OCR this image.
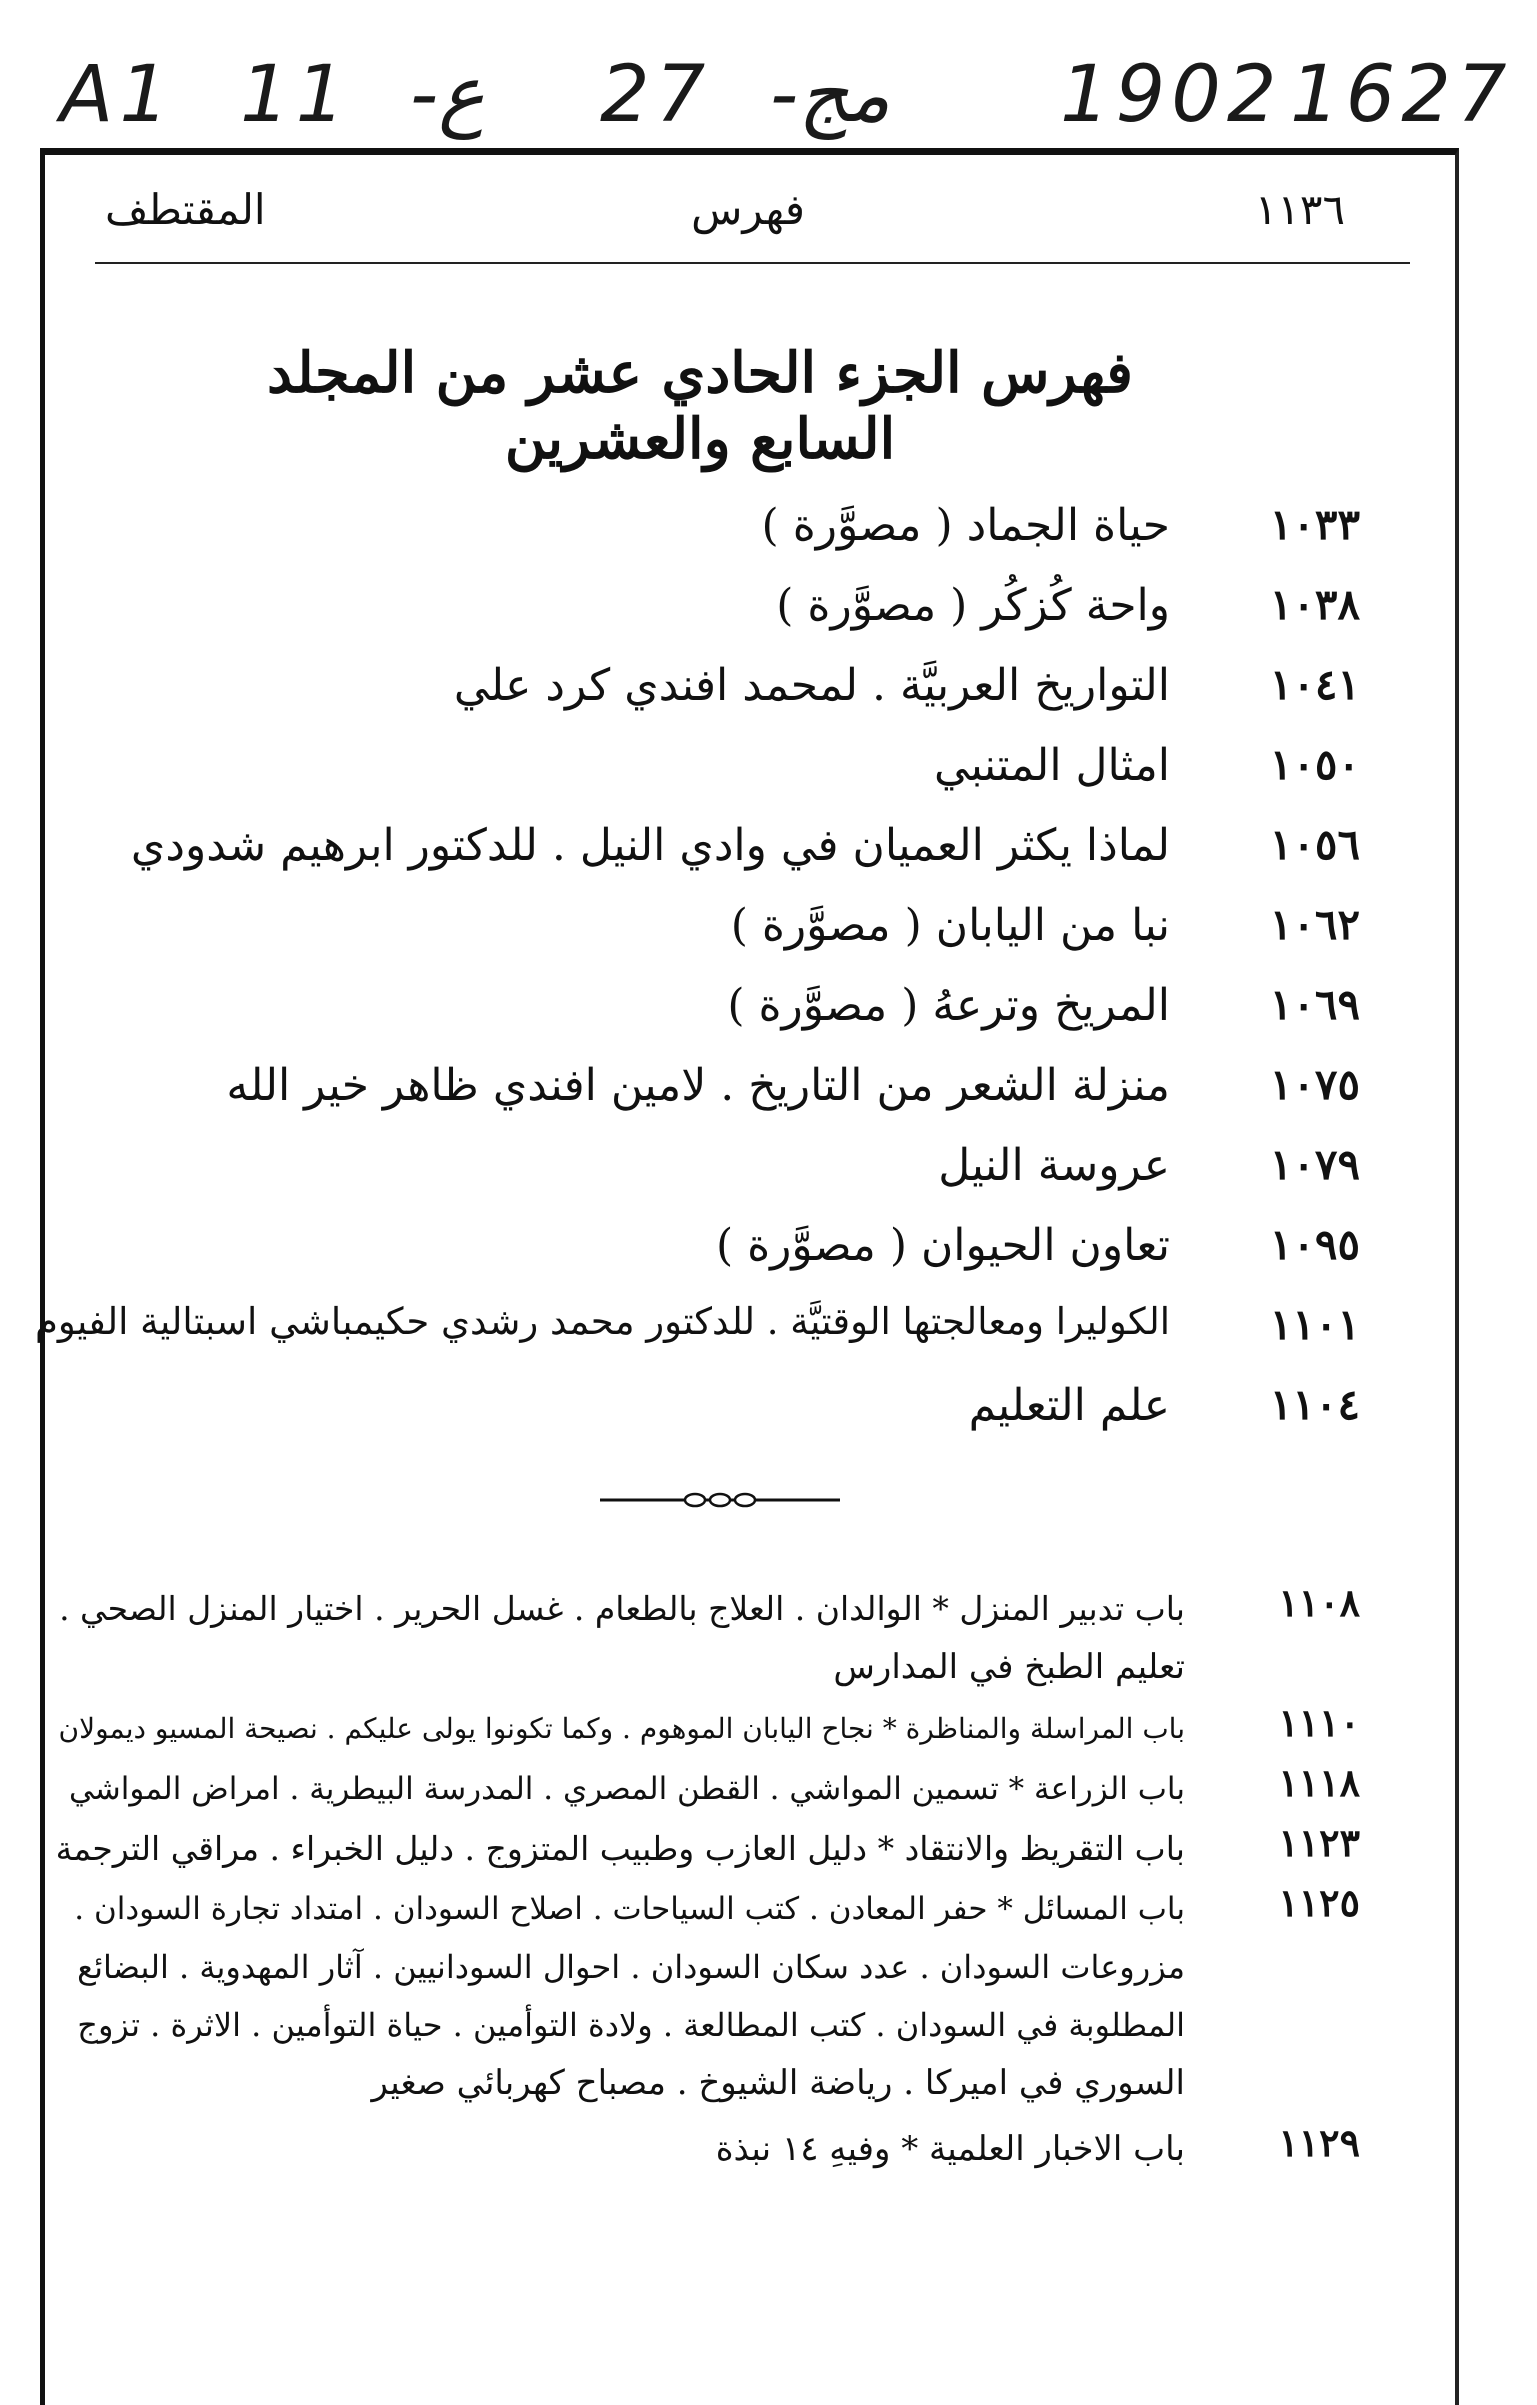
A1 11 -ع 27 -مج 1902 1627
١١٣٦
فهرس
المقتطف
فهرس الجزء الحادي عشر من المجلد السابع والعشرين
١٠٣٣
حياة الجماد ( مصوَّرة )
١٠٣٨
واحة كُزكُر ( مصوَّرة )
١٠٤١
التواريخ العربيَّة . لمحمد افندي كرد علي
١٠٥٠
امثال المتنبي
١٠٥٦
لماذا يكثر العميان في وادي النيل . للدكتور ابرهيم شدودي
١٠٦٢
نبا من اليابان ( مصوَّرة )
١٠٦٩
المريخ وترعهُ ( مصوَّرة )
١٠٧٥
منزلة الشعر من التاريخ . لامين افندي ظاهر خير الله
١٠٧٩
عروسة النيل
١٠٩٥
تعاون الحيوان ( مصوَّرة )
١١٠١
الكوليرا ومعالجتها الوقتيَّة . للدكتور محمد رشدي حكيمباشي اسبتالية الفيوم
١١٠٤
علم التعليم
١١٠٨
باب تدبير المنزل * الوالدان . العلاج بالطعام . غسل الحرير . اختيار المنزل الصحي .
تعليم الطبخ في المدارس
١١١٠
باب المراسلة والمناظرة * نجاح اليابان الموهوم . وكما تكونوا يولى عليكم . نصيحة المسيو ديمولان
١١١٨
باب الزراعة * تسمين المواشي . القطن المصري . المدرسة البيطرية . امراض المواشي
١١٢٣
باب التقريظ والانتقاد * دليل العازب وطبيب المتزوج . دليل الخبراء . مراقي الترجمة
١١٢٥
باب المسائل * حفر المعادن . كتب السياحات . اصلاح السودان . امتداد تجارة السودان .
مزروعات السودان . عدد سكان السودان . احوال السودانيين . آثار المهدوية . البضائع
المطلوبة في السودان . كتب المطالعة . ولادة التوأمين . حياة التوأمين . الاثرة . تزوج
السوري في اميركا . رياضة الشيوخ . مصباح كهربائي صغير
١١٢٩
باب الاخبار العلمية * وفيهِ ١٤ نبذة
